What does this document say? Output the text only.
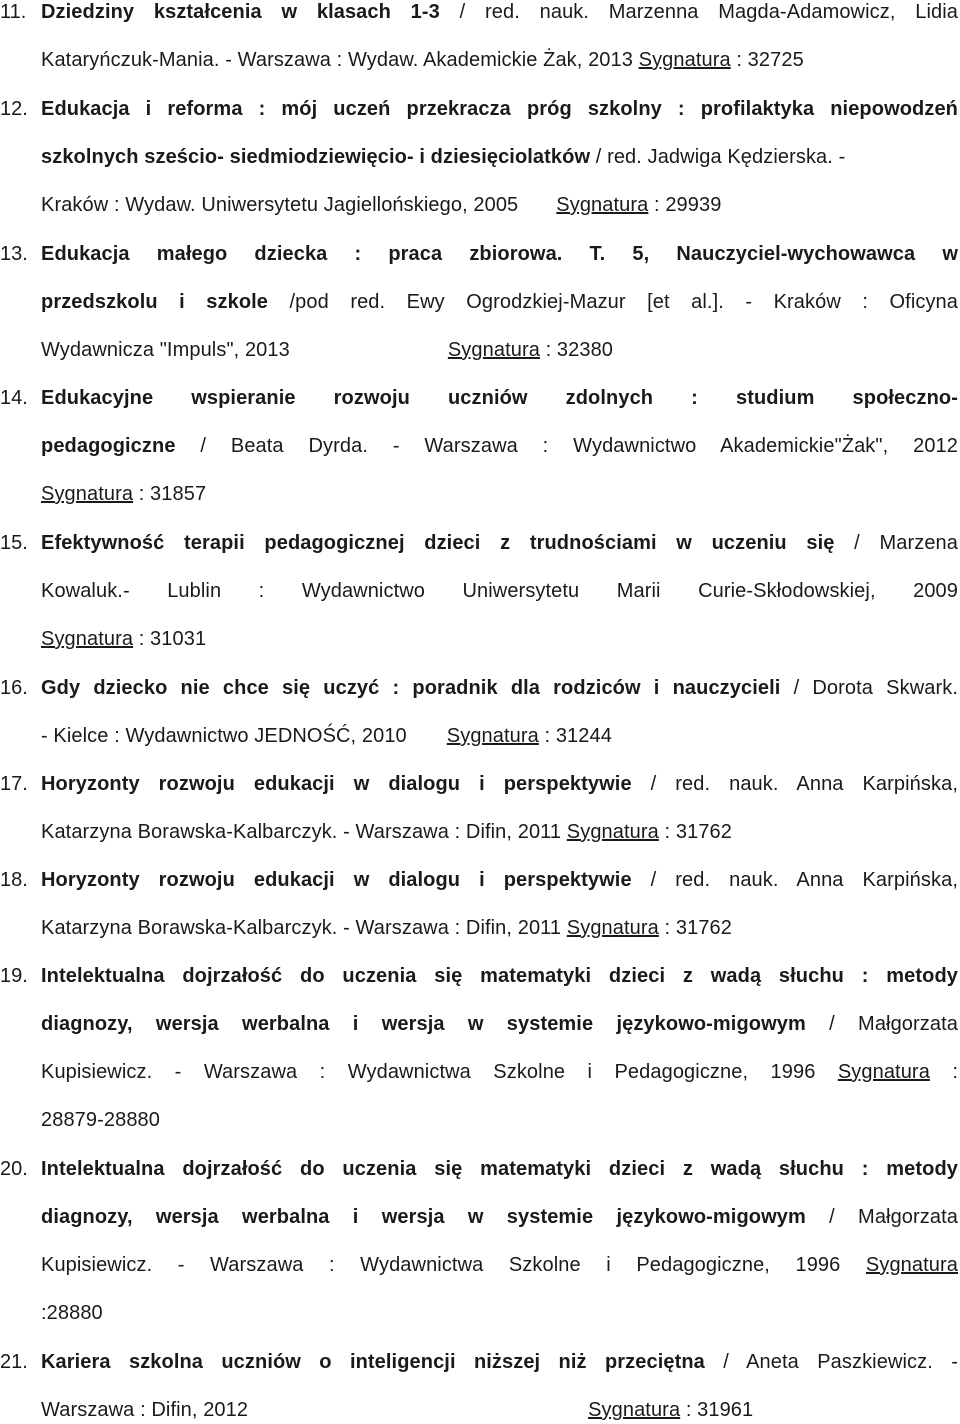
11. Dziedziny kształcenia w klasach 1-3 / red. nauk. Marzenna Magda-Adamowicz, Lidia
Kataryńczuk-Mania. - Warszawa : Wydaw. Akademickie Żak, 2013 Sygnatura : 32725
12. Edukacja i reforma : mój uczeń przekracza próg szkolny : profilaktyka niepowodzeń
szkolnych sześcio- siedmiodziewięcio- i dziesięciolatków / red. Jadwiga Kędzierska. -
Kraków : Wydaw. Uniwersytetu Jagiellońskiego, 2005 Sygnatura : 29939
13. Edukacja małego dziecka : praca zbiorowa. T. 5, Nauczyciel-wychowawca w
przedszkolu i szkole /pod red. Ewy Ogrodzkiej-Mazur [et al.]. - Kraków : Oficyna
Wydawnicza "Impuls", 2013	Sygnatura : 32380
14. Edukacyjne wspieranie rozwoju uczniów zdolnych : studium społeczno-
pedagogiczne / Beata Dyrda. - Warszawa : Wydawnictwo Akademickie"Żak", 2012
Sygnatura : 31857
15. Efektywność terapii pedagogicznej dzieci z trudnościami w uczeniu się / Marzena
Kowaluk.- Lublin : Wydawnictwo Uniwersytetu Marii Curie-Skłodowskiej, 2009
Sygnatura : 31031
16. Gdy dziecko nie chce się uczyć : poradnik dla rodziców i nauczycieli / Dorota Skwark.
- Kielce : Wydawnictwo JEDNOŚĆ, 2010 Sygnatura : 31244
17. Horyzonty rozwoju edukacji w dialogu i perspektywie / red. nauk. Anna Karpińska,
Katarzyna Borawska-Kalbarczyk. - Warszawa : Difin, 2011 Sygnatura : 31762
18. Horyzonty rozwoju edukacji w dialogu i perspektywie / red. nauk. Anna Karpińska,
Katarzyna Borawska-Kalbarczyk. - Warszawa : Difin, 2011 Sygnatura : 31762
19. Intelektualna dojrzałość do uczenia się matematyki dzieci z wadą słuchu : metody
diagnozy, wersja werbalna i wersja w systemie językowo-migowym / Małgorzata
Kupisiewicz. - Warszawa : Wydawnictwa Szkolne i Pedagogiczne, 1996 Sygnatura :
28879-28880
20. Intelektualna dojrzałość do uczenia się matematyki dzieci z wadą słuchu : metody
diagnozy, wersja werbalna i wersja w systemie językowo-migowym / Małgorzata
Kupisiewicz. - Warszawa : Wydawnictwa Szkolne i Pedagogiczne, 1996 Sygnatura
:28880
21. Kariera szkolna uczniów o inteligencji niższej niż przeciętna / Aneta Paszkiewicz. -
Warszawa : Difin, 2012	Sygnatura : 31961
